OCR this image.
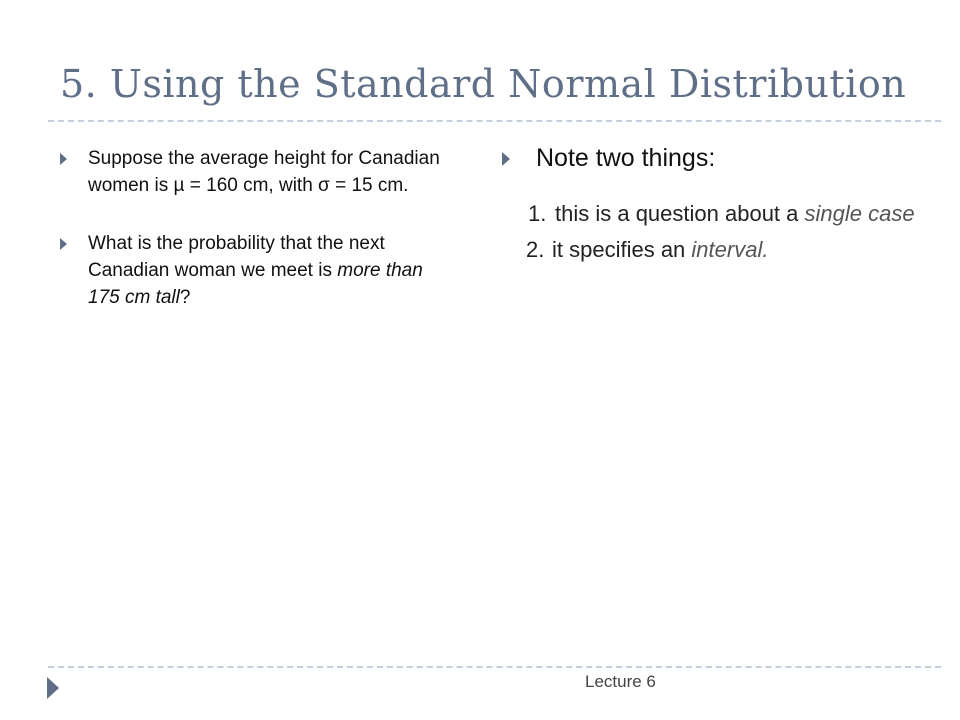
5. Using the Standard Normal Distribution
Suppose the average height for Canadian women is µ = 160 cm, with σ = 15 cm.
What is the probability that the next Canadian woman we meet is more than 175 cm tall?
Note two things:
1. this is a question about a single case
2. it specifies an interval.
Lecture 6
